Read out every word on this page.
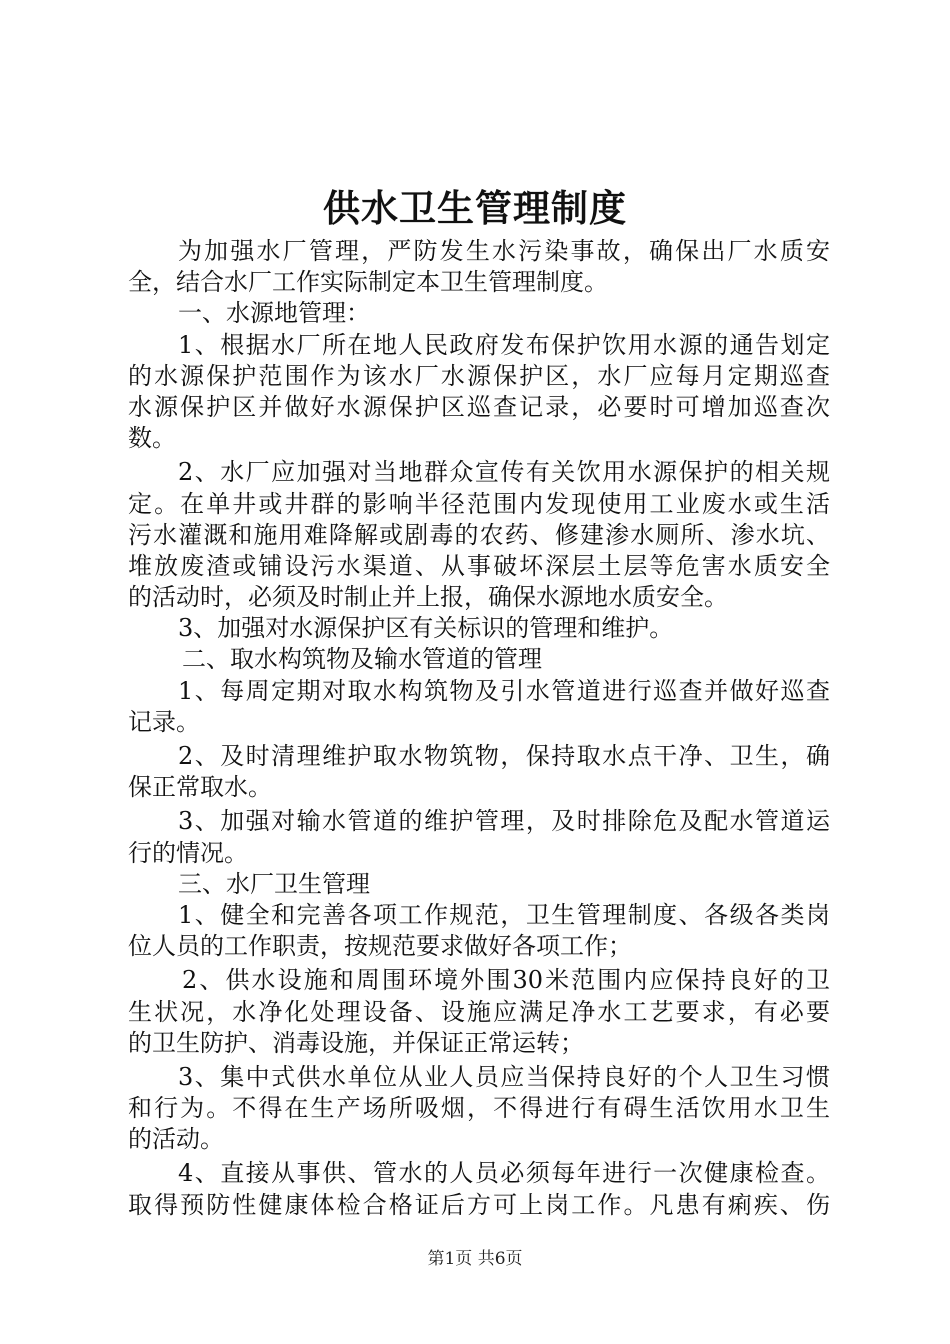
供水卫生管理制度
为加强水厂管理，严防发生水污染事故，确保出厂水质安
全，结合水厂工作实际制定本卫生管理制度。
一、水源地管理：
1、根据水厂所在地人民政府发布保护饮用水源的通告划定
的水源保护范围作为该水厂水源保护区，水厂应每月定期巡查
水源保护区并做好水源保护区巡查记录，必要时可增加巡查次
数。
2、水厂应加强对当地群众宣传有关饮用水源保护的相关规
定。在单井或井群的影响半径范围内发现使用工业废水或生活
污水灌溉和施用难降解或剧毒的农药、修建渗水厕所、渗水坑、
堆放废渣或铺设污水渠道、从事破坏深层土层等危害水质安全
的活动时，必须及时制止并上报，确保水源地水质安全。
3、加强对水源保护区有关标识的管理和维护。
二、取水构筑物及输水管道的管理
1、每周定期对取水构筑物及引水管道进行巡查并做好巡查
记录。
2、及时清理维护取水物筑物，保持取水点干净、卫生，确
保正常取水。
3、加强对输水管道的维护管理，及时排除危及配水管道运
行的情况。
三、水厂卫生管理
1、健全和完善各项工作规范，卫生管理制度、各级各类岗
位人员的工作职责，按规范要求做好各项工作；
2、供水设施和周围环境外围30米范围内应保持良好的卫
生状况，水净化处理设备、设施应满足净水工艺要求，有必要
的卫生防护、消毒设施，并保证正常运转；
3、集中式供水单位从业人员应当保持良好的个人卫生习惯
和行为。不得在生产场所吸烟，不得进行有碍生活饮用水卫生
的活动。
4、直接从事供、管水的人员必须每年进行一次健康检查。
取得预防性健康体检合格证后方可上岗工作。凡患有痢疾、伤
第1页 共6页
